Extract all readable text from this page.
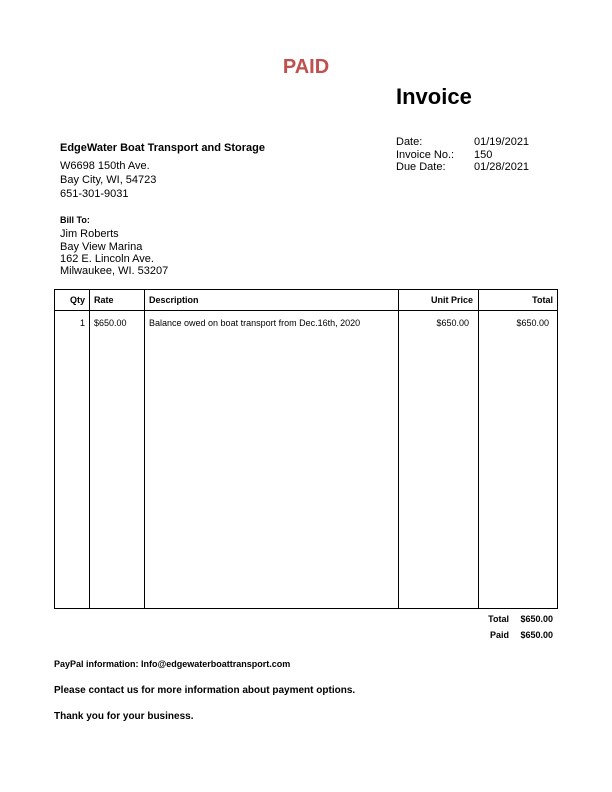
PAID
Invoice
EdgeWater Boat Transport and Storage
W6698 150th Ave.
Bay City, WI, 54723
651-301-9031
Date:	01/19/2021
Invoice No.: 150
Due Date:	01/28/2021
Bill To:
Jim Roberts
Bay View Marina
162 E. Lincoln Ave.
Milwaukee, WI. 53207
Qty Rate	Description	Unit Price	Total
1 $650.00 Balance owed on boat transport from Dec.16th, 2020	$650.00	$650.00
Total	$650.00
Paid	$650.00
PayPal information: Info@edgewaterboattransport.com
Please contact us for more information about payment options.
Thank you for your business.
